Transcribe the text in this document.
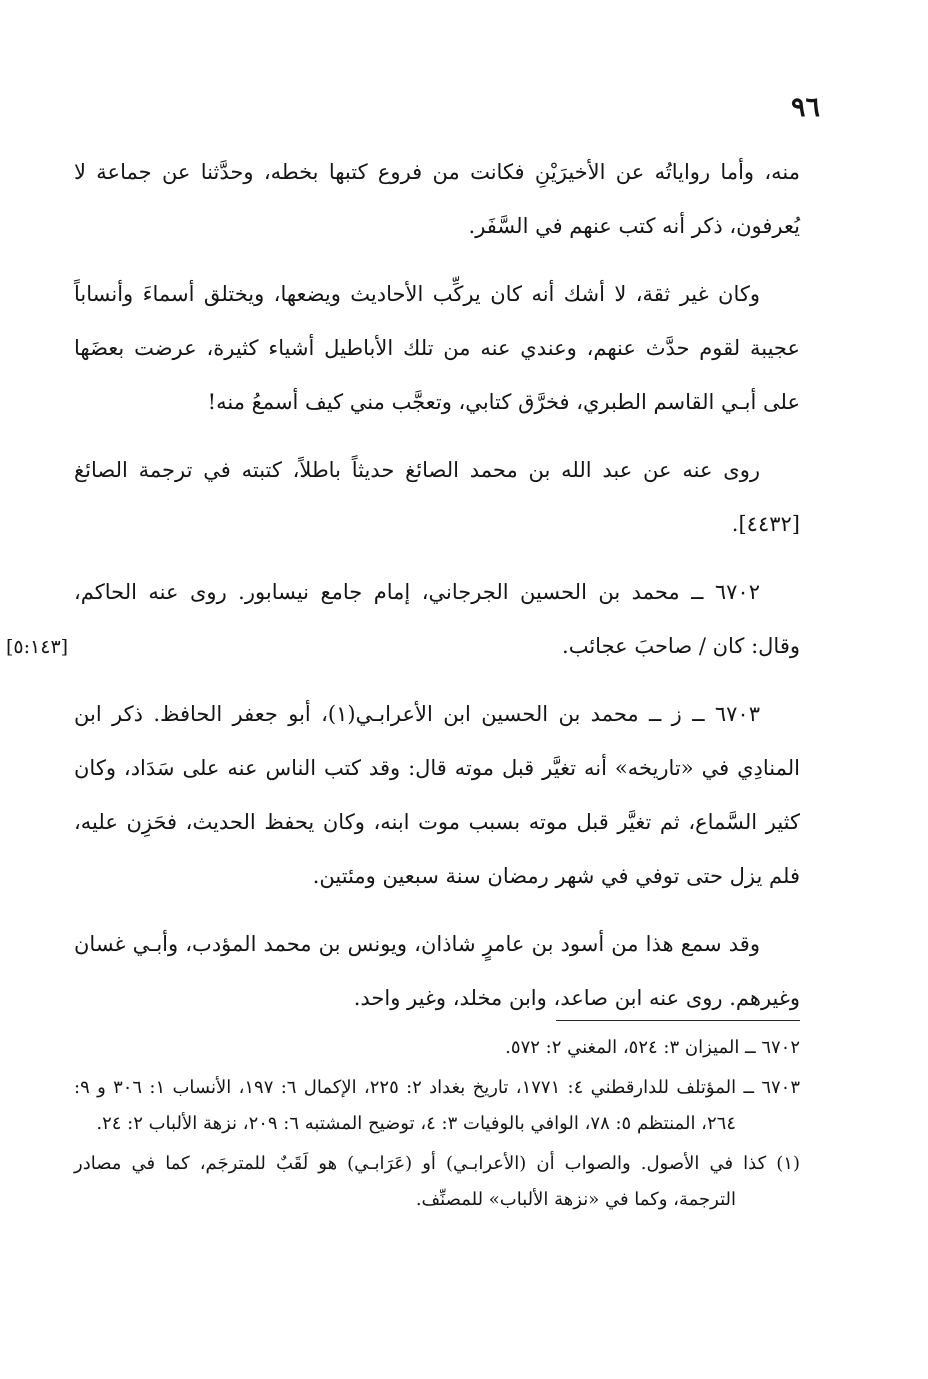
٩٦

منه، وأما رواياتُه عن الأخيرَيْنِ فكانت من فروع كتبها بخطه، وحدَّثنا عن جماعة لا يُعرفون، ذكر أنه كتب عنهم في السَّفَر.

وكان غير ثقة، لا أشك أنه كان يركِّب الأحاديث ويضعها، ويختلق أسماءَ وأنساباً عجيبة لقوم حدَّث عنهم، وعندي عنه من تلك الأباطيل أشياء كثيرة، عرضت بعضَها على أبـي القاسم الطبري، فخرَّق كتابي، وتعجَّب مني كيف أسمعُ منه!

روى عنه عن عبد الله بن محمد الصائغ حديثاً باطلاً، كتبته في ترجمة الصائغ [٤٤٣٢].

٦٧٠٢ ــ محمد بن الحسين الجرجاني، إمام جامع نيسابور. روى عنه الحاكم، وقال: كان / صاحبَ عجائب.

٦٧٠٣ ــ ز ــ محمد بن الحسين ابن الأعرابـي(١)، أبو جعفر الحافظ. ذكر ابن المنادِي في «تاريخه» أنه تغيَّر قبل موته قال: وقد كتب الناس عنه على سَدَاد، وكان كثير السَّماع، ثم تغيَّر قبل موته بسبب موت ابنه، وكان يحفظ الحديث، فحَزِن عليه، فلم يزل حتى توفي في شهر رمضان سنة سبعين ومئتين.

وقد سمع هذا من أسود بن عامرٍ شاذان، ويونس بن محمد المؤدب، وأبـي غسان وغيرهم. روى عنه ابن صاعد، وابن مخلد، وغير واحد.

[٥:١٤٣]

٦٧٠٢ ــ الميزان ٣: ٥٢٤، المغني ٢: ٥٧٢.

٦٧٠٣ ــ المؤتلف للدارقطني ٤: ١٧٧١، تاريخ بغداد ٢: ٢٢٥، الإكمال ٦: ١٩٧، الأنساب ١: ٣٠٦ و ٩: ٢٦٤، المنتظم ٥: ٧٨، الوافي بالوفيات ٣: ٤، توضيح المشتبه ٦: ٢٠٩، نزهة الألباب ٢: ٢٤.

(١) كذا في الأصول. والصواب أن (الأعرابـي) أو (عَرَابـي) هو لَقَبٌ للمترجَم، كما في مصادر الترجمة، وكما في «نزهة الألباب» للمصنِّف.
